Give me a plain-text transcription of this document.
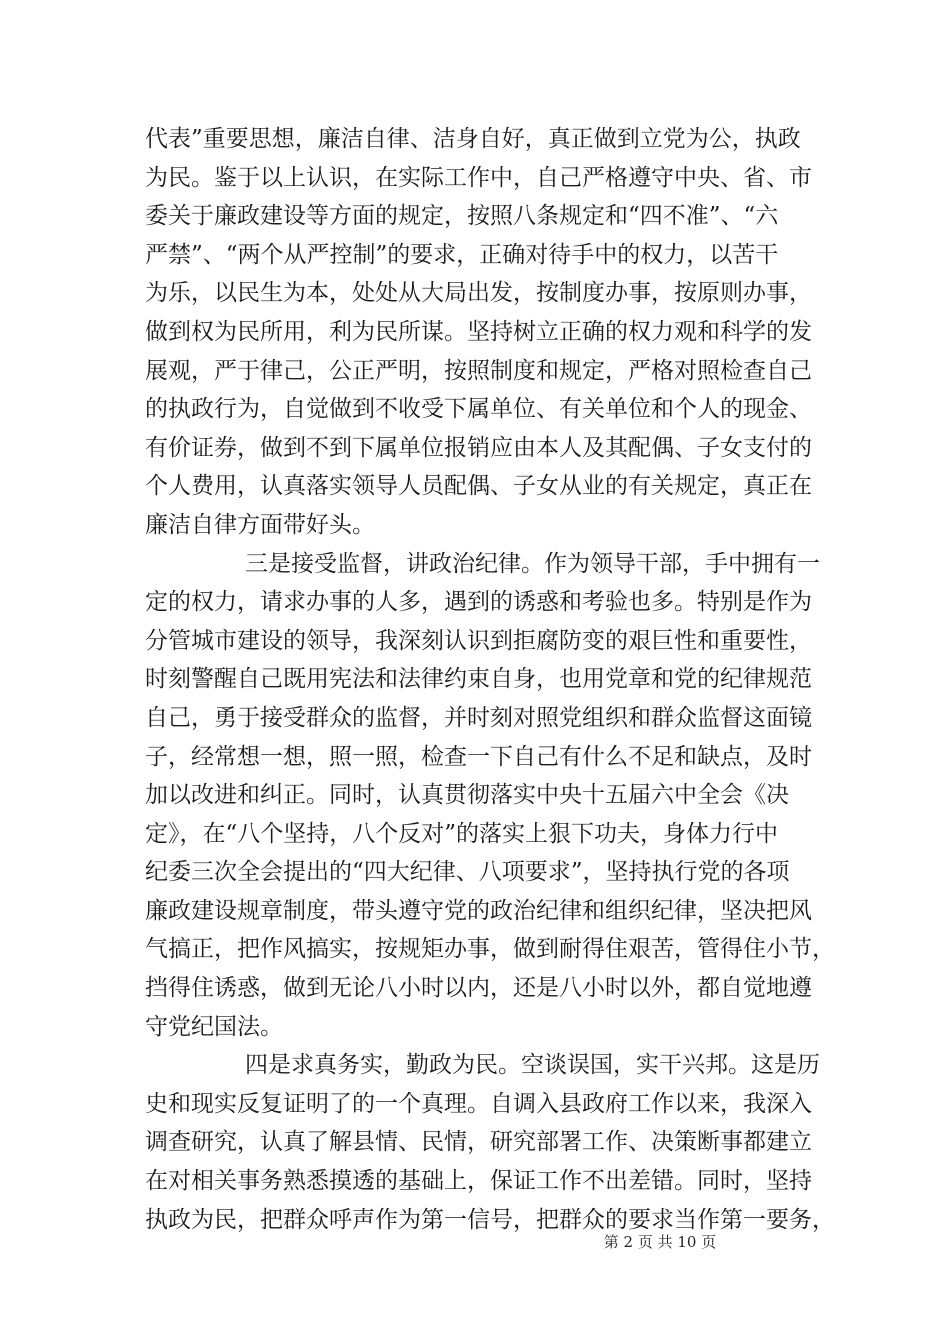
代表”重要思想，廉洁自律、洁身自好，真正做到立党为公，执政
为民。鉴于以上认识，在实际工作中，自己严格遵守中央、省、市
委关于廉政建设等方面的规定，按照八条规定和“四不准”、“六
严禁”、“两个从严控制”的要求，正确对待手中的权力，以苦干
为乐，以民生为本，处处从大局出发，按制度办事，按原则办事，
做到权为民所用，利为民所谋。坚持树立正确的权力观和科学的发
展观，严于律己，公正严明，按照制度和规定，严格对照检查自己
的执政行为，自觉做到不收受下属单位、有关单位和个人的现金、
有价证券，做到不到下属单位报销应由本人及其配偶、子女支付的
个人费用，认真落实领导人员配偶、子女从业的有关规定，真正在
廉洁自律方面带好头。
三是接受监督，讲政治纪律。作为领导干部，手中拥有一
定的权力，请求办事的人多，遇到的诱惑和考验也多。特别是作为
分管城市建设的领导，我深刻认识到拒腐防变的艰巨性和重要性，
时刻警醒自己既用宪法和法律约束自身，也用党章和党的纪律规范
自己，勇于接受群众的监督，并时刻对照党组织和群众监督这面镜
子，经常想一想，照一照，检查一下自己有什么不足和缺点，及时
加以改进和纠正。同时，认真贯彻落实中央十五届六中全会《决
定》，在“八个坚持，八个反对”的落实上狠下功夫，身体力行中
纪委三次全会提出的“四大纪律、八项要求”，坚持执行党的各项
廉政建设规章制度，带头遵守党的政治纪律和组织纪律，坚决把风
气搞正，把作风搞实，按规矩办事，做到耐得住艰苦，管得住小节，
挡得住诱惑，做到无论八小时以内，还是八小时以外，都自觉地遵
守党纪国法。
四是求真务实，勤政为民。空谈误国，实干兴邦。这是历
史和现实反复证明了的一个真理。自调入县政府工作以来，我深入
调查研究，认真了解县情、民情，研究部署工作、决策断事都建立
在对相关事务熟悉摸透的基础上，保证工作不出差错。同时，坚持
执政为民，把群众呼声作为第一信号，把群众的要求当作第一要务，
第 2 页 共 10 页
